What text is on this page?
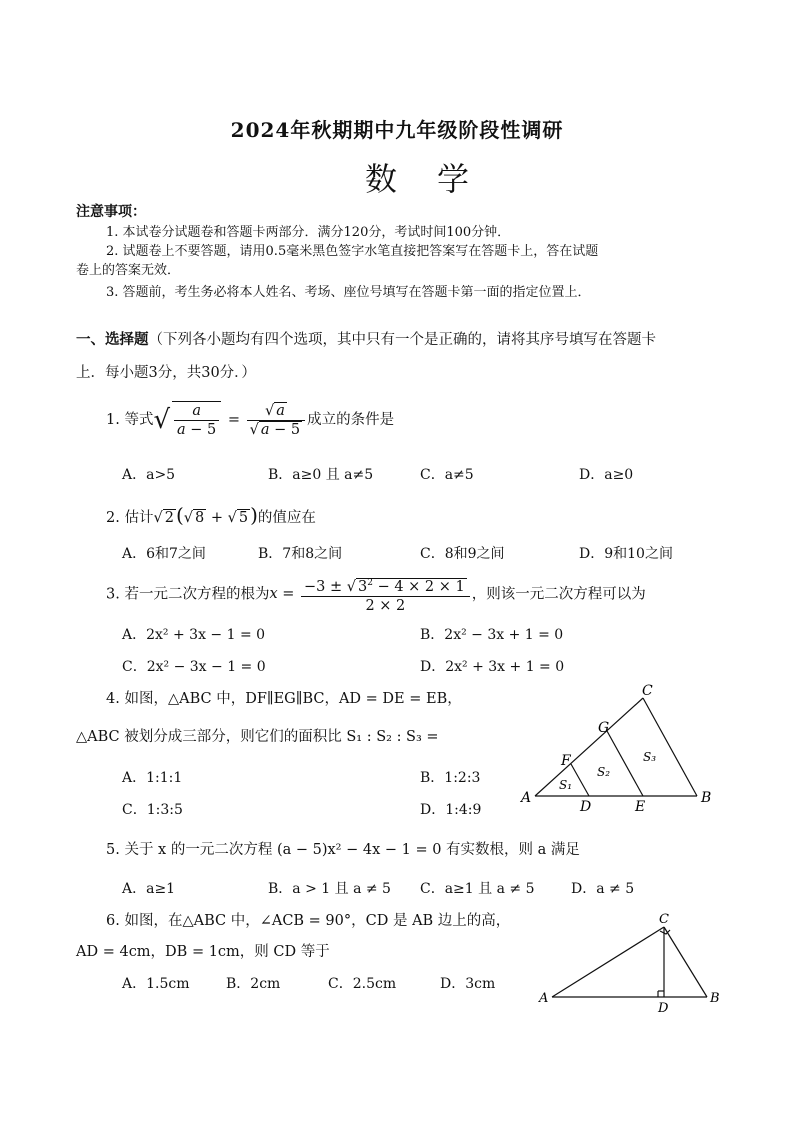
2024年秋期期中九年级阶段性调研
数学
注意事项：
1. 本试卷分试题卷和答题卡两部分．满分120分，考试时间100分钟．
2. 试题卷上不要答题，请用0.5毫米黑色签字水笔直接把答案写在答题卡上，答在试题
卷上的答案无效．
3. 答题前，考生务必将本人姓名、考场、座位号填写在答题卡第一面的指定位置上．
一、选择题（下列各小题均有四个选项，其中只有一个是正确的，请将其序号填写在答题卡
上．每小题3分，共30分．）
1. 等式√ $\frac{a}{a - 5} = \frac{√ a}{√ a - 5}$ 成立的条件是
A．a>5	B．a≥0 且 a≠5	C．a≠5	D．a≥0
2. 估计√ 2 (√ 8 + √ 5 )的值应在
A．6和7之间	B．7和8之间	C．8和9之间	D．9和10之间
3. 若一元二次方程的根为$x = \frac{-3 \pm √ 3^2 - 4 \times 2 \times 1}{2 \times 2}$ ，则该一元二次方程可以为
A．2x² + 3x − 1 = 0	B．2x² − 3x + 1 = 0
C．2x² − 3x − 1 = 0	D．2x² + 3x + 1 = 0
4. 如图，△ABC 中，DF∥EG∥BC，AD = DE = EB，
△ABC 被划分成三部分，则它们的面积比 S₁ : S₂ : S₃ =
A．1:1:1	B．1:2:3
C．1:3:5	D．1:4:9
A	B
C
D	E
F
G
S₁
S₂
S₃
5. 关于 x 的一元二次方程 (a − 5)x² − 4x − 1 = 0 有实数根，则 a 满足
A．a≥1	B．a > 1 且 a ≠ 5 C．a≥1 且 a ≠ 5	D．a ≠ 5
6. 如图，在△ABC 中，∠ACB = 90°，CD 是 AB 边上的高，
AD = 4cm，DB = 1cm，则 CD 等于
A．1.5cm	B．2cm	C．2.5cm	D．3cm
A	B
C
D
